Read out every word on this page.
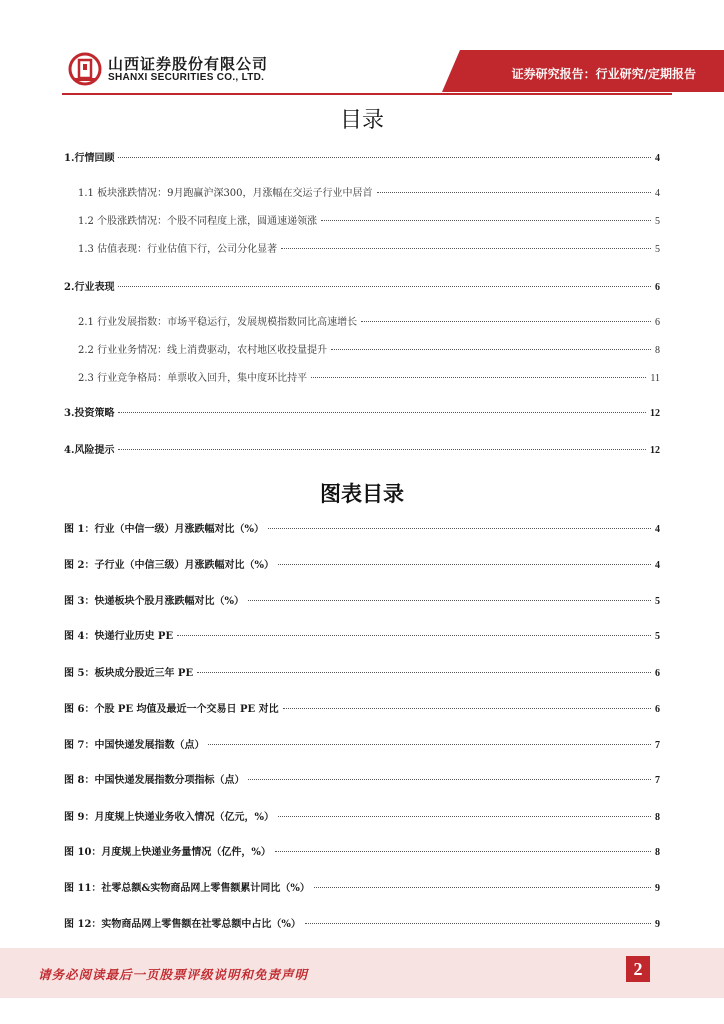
山西证券股份有限公司
SHANXI SECURITIES CO., LTD.	证券研究报告：行业研究/定期报告
目录
1.行情回顾	4
1.1 板块涨跌情况：9月跑赢沪深300，月涨幅在交运子行业中居首	4
1.2 个股涨跌情况：个股不同程度上涨，圆通速递领涨	5
1.3 估值表现：行业估值下行，公司分化显著	5
2.行业表现	6
2.1 行业发展指数：市场平稳运行，发展规模指数同比高速增长	6
2.2 行业业务情况：线上消费驱动，农村地区收投量提升	8
2.3 行业竞争格局：单票收入回升，集中度环比持平	11
3.投资策略	12
4.风险提示	12
图表目录
图 1：行业（中信一级）月涨跌幅对比（%）	4
图 2：子行业（中信三级）月涨跌幅对比（%）	4
图 3：快递板块个股月涨跌幅对比（%）	5
图 4：快递行业历史 PE	5
图 5：板块成分股近三年 PE	6
图 6：个股 PE 均值及最近一个交易日 PE 对比	6
图 7：中国快递发展指数（点）	7
图 8：中国快递发展指数分项指标（点）	7
图 9：月度规上快递业务收入情况（亿元，%）	8
图 10：月度规上快递业务量情况（亿件，%）	8
图 11：社零总额&实物商品网上零售额累计同比（%）	9
图 12：实物商品网上零售额在社零总额中占比（%）	9
请务必阅读最后一页股票评级说明和免责声明	2
